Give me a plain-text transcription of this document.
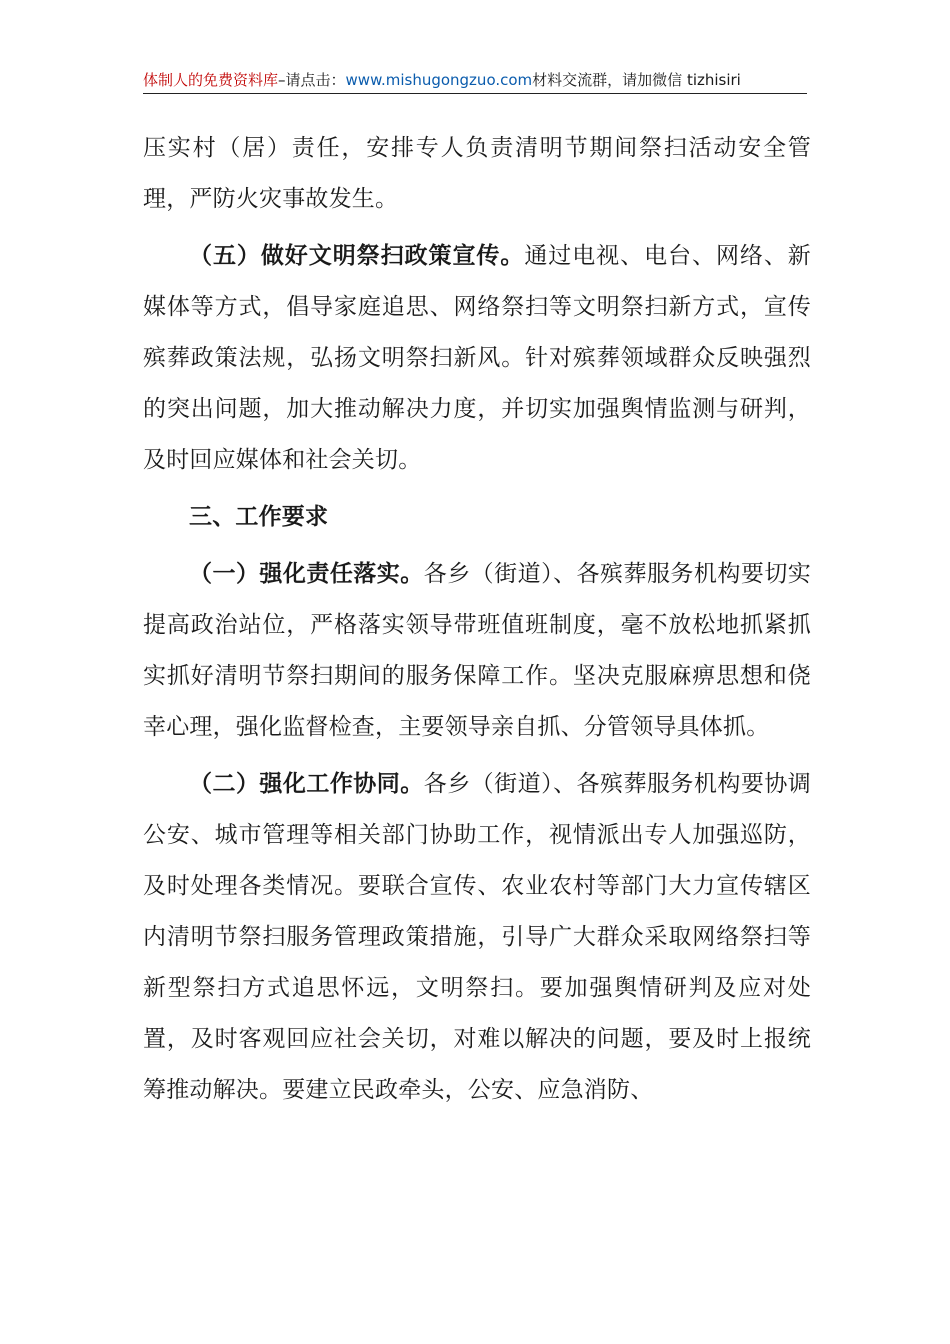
体制人的免费资料库–请点击：www.mishugongzuo.com材料交流群，请加微信 tizhisiri

压实村（居）责任，安排专人负责清明节期间祭扫活动安全管理，严防火灾事故发生。

（五）做好文明祭扫政策宣传。通过电视、电台、网络、新媒体等方式，倡导家庭追思、网络祭扫等文明祭扫新方式，宣传殡葬政策法规，弘扬文明祭扫新风。针对殡葬领域群众反映强烈的突出问题，加大推动解决力度，并切实加强舆情监测与研判，及时回应媒体和社会关切。

三、工作要求

（一）强化责任落实。各乡（街道）、各殡葬服务机构要切实提高政治站位，严格落实领导带班值班制度，毫不放松地抓紧抓实抓好清明节祭扫期间的服务保障工作。坚决克服麻痹思想和侥幸心理，强化监督检查，主要领导亲自抓、分管领导具体抓。

（二）强化工作协同。各乡（街道）、各殡葬服务机构要协调公安、城市管理等相关部门协助工作，视情派出专人加强巡防，及时处理各类情况。要联合宣传、农业农村等部门大力宣传辖区内清明节祭扫服务管理政策措施，引导广大群众采取网络祭扫等新型祭扫方式追思怀远，文明祭扫。要加强舆情研判及应对处置，及时客观回应社会关切，对难以解决的问题，要及时上报统筹推动解决。要建立民政牵头，公安、应急消防、
